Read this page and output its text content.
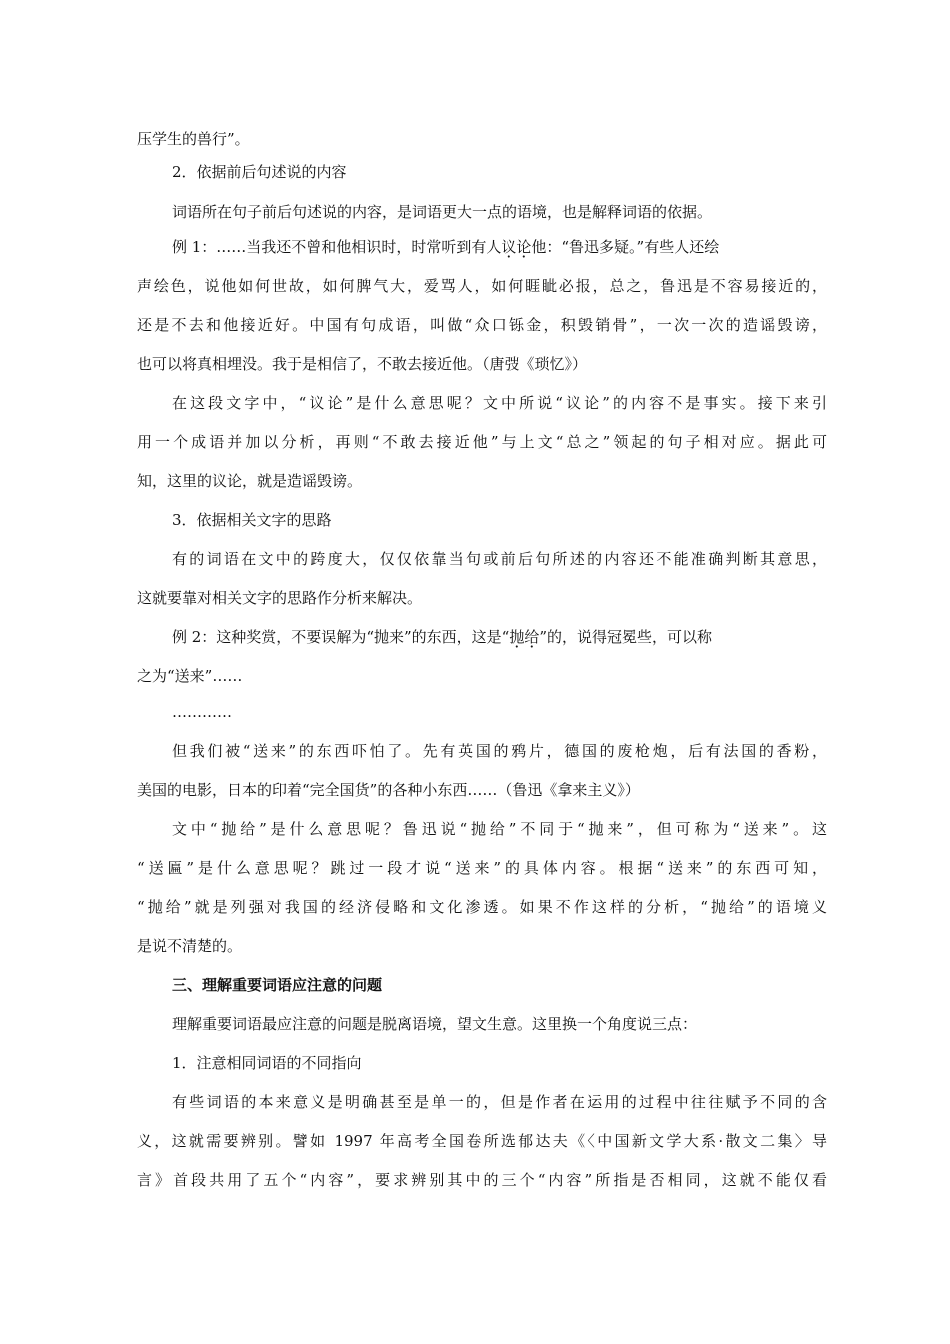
压学生的兽行”。
2．依据前后句述说的内容
词语所在句子前后句述说的内容，是词语更大一点的语境，也是解释词语的依据。
例 1：……当我还不曾和他相识时，时常听到有人议论他：“鲁迅多疑。”有些人还绘
声绘色，说他如何世故，如何脾气大，爱骂人，如何睚眦必报，总之，鲁迅是不容易接近的，
还是不去和他接近好。中国有句成语，叫做“众口铄金，积毁销骨”，一次一次的造谣毁谤，
也可以将真相埋没。我于是相信了，不敢去接近他。（唐弢《琐忆》）
在这段文字中，“议论”是什么意思呢？文中所说“议论”的内容不是事实。接下来引
用一个成语并加以分析，再则“不敢去接近他”与上文“总之”领起的句子相对应。据此可
知，这里的议论，就是造谣毁谤。
3．依据相关文字的思路
有的词语在文中的跨度大，仅仅依靠当句或前后句所述的内容还不能准确判断其意思，
这就要靠对相关文字的思路作分析来解决。
例 2：这种奖赏，不要误解为“抛来”的东西，这是“抛给”的，说得冠冕些，可以称
之为“送来”……
…………
但我们被“送来”的东西吓怕了。先有英国的鸦片，德国的废枪炮，后有法国的香粉，
美国的电影，日本的印着“完全国货”的各种小东西……（鲁迅《拿来主义》）
文中“抛给”是什么意思呢？鲁迅说“抛给”不同于“抛来”，但可称为“送来”。这
“送匾”是什么意思呢？跳过一段才说“送来”的具体内容。根据“送来”的东西可知，
“抛给”就是列强对我国的经济侵略和文化渗透。如果不作这样的分析，“抛给”的语境义
是说不清楚的。
三、理解重要词语应注意的问题
理解重要词语最应注意的问题是脱离语境，望文生意。这里换一个角度说三点：
1．注意相同词语的不同指向
有些词语的本来意义是明确甚至是单一的，但是作者在运用的过程中往往赋予不同的含
义，这就需要辨别。譬如 1997 年高考全国卷所选郁达夫《〈中国新文学大系·散文二集〉导
言》首段共用了五个“内容”，要求辨别其中的三个“内容”所指是否相同，这就不能仅看
